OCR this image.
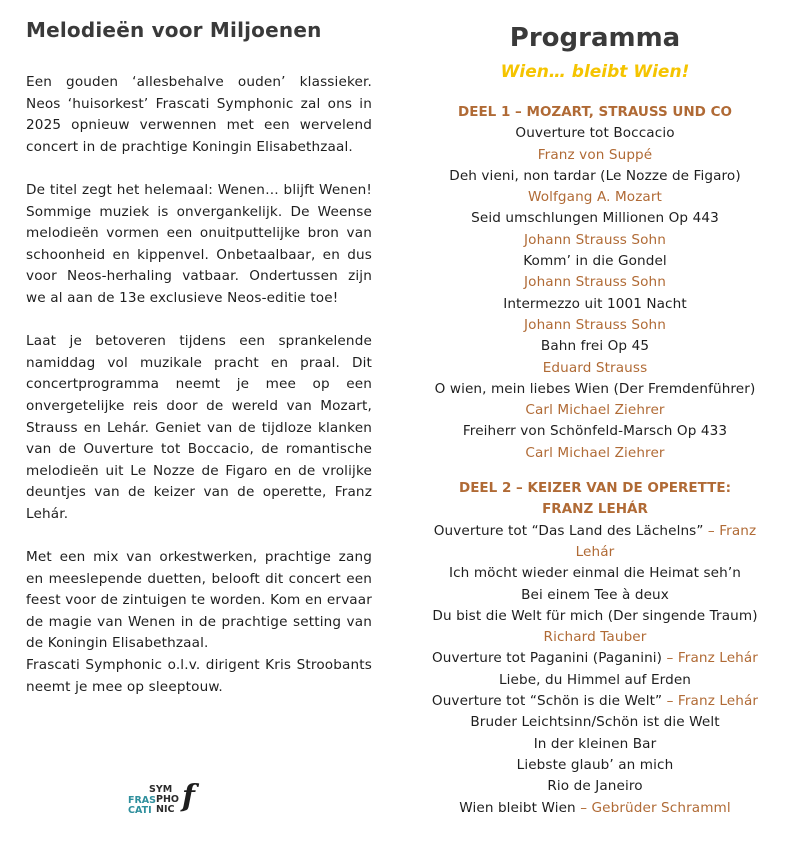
Melodieën voor Miljoenen

Een gouden ‘allesbehalve ouden’ klassieker. Neos ‘huisorkest’ Frascati Symphonic zal ons in 2025 opnieuw verwennen met een wervelend concert in de prachtige Koningin Elisabethzaal.

De titel zegt het helemaal: Wenen… blijft Wenen! Sommige muziek is onvergankelijk. De Weense melodieën vormen een onuitputtelijke bron van schoonheid en kippenvel. Onbetaalbaar, en dus voor Neos-herhaling vatbaar. Ondertussen zijn we al aan de 13e exclusieve Neos-editie toe!

Laat je betoveren tijdens een sprankelende namiddag vol muzikale pracht en praal. Dit concertprogramma neemt je mee op een onvergetelijke reis door de wereld van Mozart, Strauss en Lehár. Geniet van de tijdloze klanken van de Ouverture tot Boccacio, de romantische melodieën uit Le Nozze de Figaro en de vrolijke deuntjes van de keizer van de operette, Franz Lehár.

Met een mix van orkestwerken, prachtige zang en meeslepende duetten, belooft dit concert een feest voor de zintuigen te worden. Kom en ervaar de magie van Wenen in de prachtige setting van de Koningin Elisabethzaal.

Frascati Symphonic o.l.v. dirigent Kris Stroobants neemt je mee op sleeptouw.

FRAS
CATI
SYM
PHO
NIC f
Programma
Wien… bleibt Wien!
DEEL 1 – MOZART, STRAUSS UND CO
Ouverture tot Boccacio
Franz von Suppé
Deh vieni, non tardar (Le Nozze de Figaro)
Wolfgang A. Mozart
Seid umschlungen Millionen Op 443
Johann Strauss Sohn
Komm’ in die Gondel
Johann Strauss Sohn
Intermezzo uit 1001 Nacht
Johann Strauss Sohn
Bahn frei Op 45
Eduard Strauss
O wien, mein liebes Wien (Der Fremdenführer)
Carl Michael Ziehrer
Freiherr von Schönfeld-Marsch Op 433
Carl Michael Ziehrer
DEEL 2 – KEIZER VAN DE OPERETTE:
FRANZ LEHÁR
Ouverture tot “Das Land des Lächelns” – Franz
Lehár
Ich möcht wieder einmal die Heimat seh’n
Bei einem Tee à deux
Du bist die Welt für mich (Der singende Traum)
Richard Tauber
Ouverture tot Paganini (Paganini) – Franz Lehár
Liebe, du Himmel auf Erden
Ouverture tot “Schön is die Welt” – Franz Lehár
Bruder Leichtsinn/Schön ist die Welt
In der kleinen Bar
Liebste glaub’ an mich
Rio de Janeiro
Wien bleibt Wien – Gebrüder Schramml
